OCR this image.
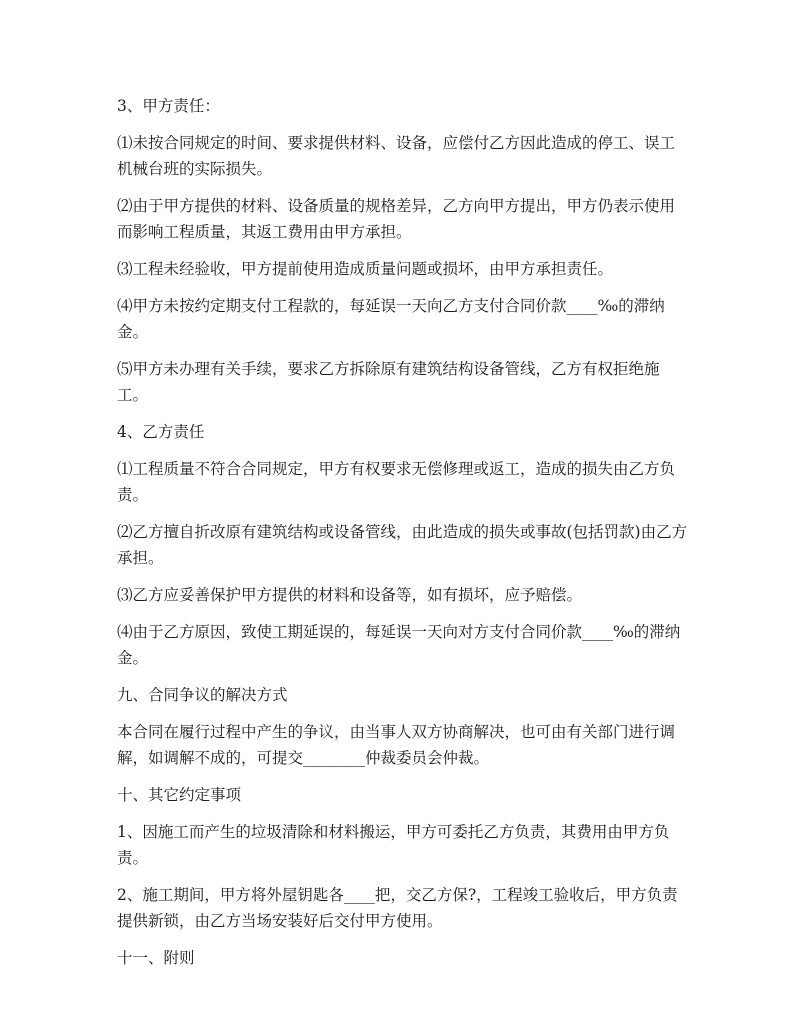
3、甲方责任：

⑴未按合同规定的时间、要求提供材料、设备，应偿付乙方因此造成的停工、误工机械台班的实际损失。

⑵由于甲方提供的材料、设备质量的规格差异，乙方向甲方提出，甲方仍表示使用而影响工程质量，其返工费用由甲方承担。

⑶工程未经验收，甲方提前使用造成质量问题或损坏，由甲方承担责任。

⑷甲方未按约定期支付工程款的，每延误一天向乙方支付合同价款____‰的滞纳金。

⑸甲方未办理有关手续，要求乙方拆除原有建筑结构设备管线，乙方有权拒绝施工。

4、乙方责任

⑴工程质量不符合合同规定，甲方有权要求无偿修理或返工，造成的损失由乙方负责。

⑵乙方擅自折改原有建筑结构或设备管线，由此造成的损失或事故(包括罚款)由乙方承担。

⑶乙方应妥善保护甲方提供的材料和设备等，如有损坏，应予赔偿。

⑷由于乙方原因，致使工期延误的，每延误一天向对方支付合同价款____‰的滞纳金。

九、合同争议的解决方式

本合同在履行过程中产生的争议，由当事人双方协商解决，也可由有关部门进行调解，如调解不成的，可提交________仲裁委员会仲裁。

十、其它约定事项

1、因施工而产生的垃圾清除和材料搬运，甲方可委托乙方负责，其费用由甲方负责。

2、施工期间，甲方将外屋钥匙各____把，交乙方保?，工程竣工验收后，甲方负责提供新锁，由乙方当场安装好后交付甲方使用。

十一、附则
